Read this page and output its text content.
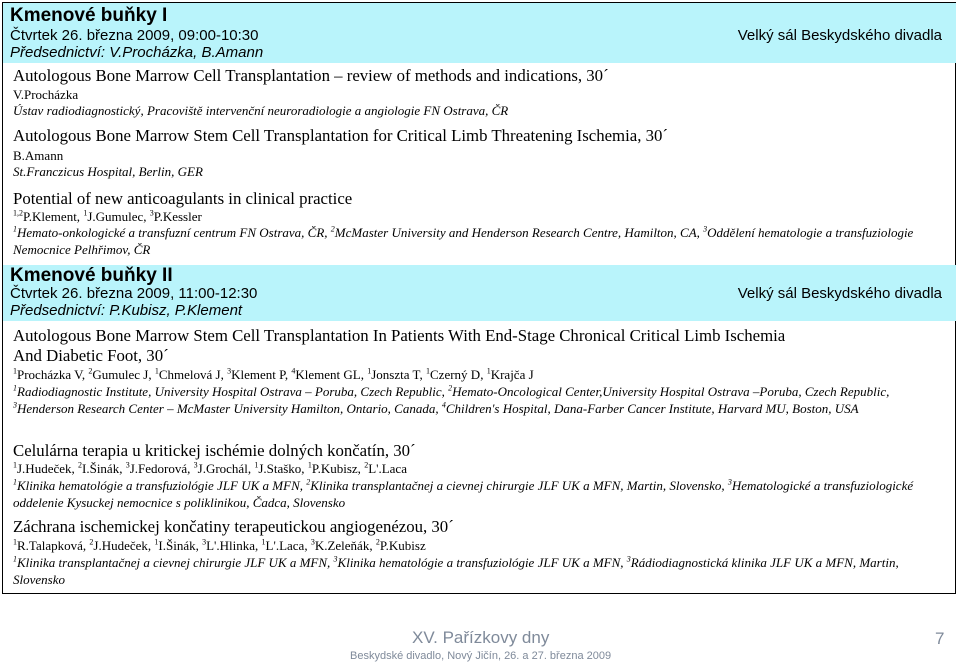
Kmenové buňky I
Čtvrtek 26. března 2009, 09:00-10:30
Předsednictví: V.Procházka, B.Amann
Velký sál Beskydského divadla
Autologous Bone Marrow Cell Transplantation – review of methods and indications, 30´
V.Procházka
Ústav radiodiagnostický, Pracoviště intervenční neuroradiologie a angiologie FN Ostrava, ČR
Autologous Bone Marrow Stem Cell Transplantation for Critical Limb Threatening Ischemia, 30´
B.Amann
St.Franczicus Hospital, Berlin, GER
Potential of new anticoagulants in clinical practice
$^{1,2}$P.Klement, $^1$J.Gumulec, $^3$P.Kessler
$^1$Hemato-onkologické a transfuzní centrum FN Ostrava, ČR, $^2$McMaster University and Henderson Research Centre, Hamilton, CA, $^3$Oddělení hematologie a transfuziologie Nemocnice Pelhřimov, ČR
Kmenové buňky II
Čtvrtek 26. března 2009, 11:00-12:30
Předsednictví: P.Kubisz, P.Klement
Velký sál Beskydského divadla
Autologous Bone Marrow Stem Cell Transplantation In Patients With End-Stage Chronical Critical Limb Ischemia
And Diabetic Foot, 30´
$^1$Procházka V, $^2$Gumulec J, $^1$Chmelová J, $^3$Klement P, $^4$Klement GL, $^1$Jonszta T, $^1$Czerný D, $^1$Krajča J
$^1$Radiodiagnostic Institute, University Hospital Ostrava – Poruba, Czech Republic, $^2$Hemato-Oncological Center,University Hospital Ostrava –Poruba, Czech Republic, $^3$Henderson Research Center – McMaster University Hamilton, Ontario, Canada, $^4$Children's Hospital, Dana-Farber Cancer Institute, Harvard MU, Boston, USA
Celulárna terapia u kritickej ischémie dolných končatín, 30´
$^1$J.Hudeček, $^2$I.Šinák, $^3$J.Fedorová, $^3$J.Grochál, $^1$J.Staško, $^1$P.Kubisz, $^2$L'.Laca
$^1$Klinika hematológie a transfuziológie JLF UK a MFN, $^2$Klinika transplantačnej a cievnej chirurgie JLF UK a MFN, Martin, Slovensko, $^3$Hematologické a transfuziologické oddelenie Kysuckej nemocnice s poliklinikou, Čadca, Slovensko
Záchrana ischemickej končatiny terapeutickou angiogenézou, 30´
$^1$R.Talapková, $^2$J.Hudeček, $^1$I.Šinák, $^3$L'.Hlinka, $^1$L'.Laca, $^3$K.Zeleňák, $^2$P.Kubisz
$^1$Klinika transplantačnej a cievnej chirurgie JLF UK a MFN, $^3$Klinika hematológie a transfuziológie JLF UK a MFN, $^3$Rádiodiagnostická klinika JLF UK a MFN, Martin, Slovensko
XV. Pařízkovy dny
Beskydské divadlo, Nový Jičín, 26. a 27. března 2009
7
